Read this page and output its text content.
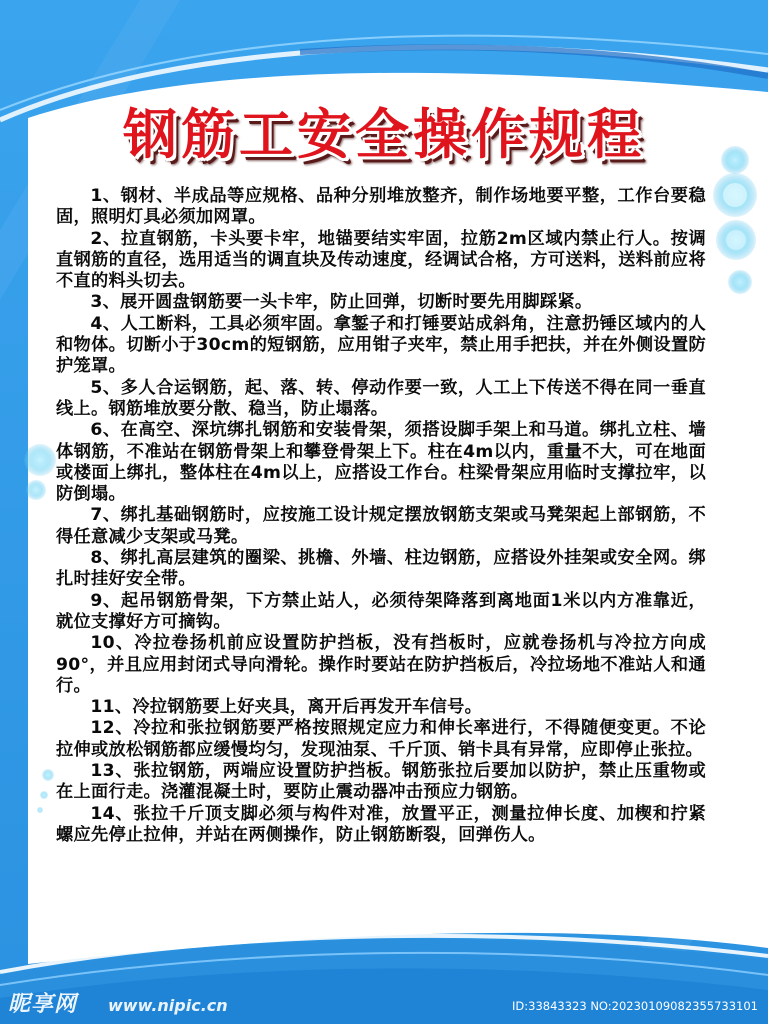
钢筋工安全操作规程

1、钢材、半成品等应规格、品种分别堆放整齐，制作场地要平整，工作台要稳固，照明灯具必须加网罩。

2、拉直钢筋，卡头要卡牢，地锚要结实牢固，拉筋2m区域内禁止行人。按调直钢筋的直径，选用适当的调直块及传动速度，经调试合格，方可送料，送料前应将不直的料头切去。

3、展开圆盘钢筋要一头卡牢，防止回弹，切断时要先用脚踩紧。

4、人工断料，工具必须牢固。拿錾子和打锤要站成斜角，注意扔锤区域内的人和物体。切断小于30cm的短钢筋，应用钳子夹牢，禁止用手把扶，并在外侧设置防护笼罩。

5、多人合运钢筋，起、落、转、停动作要一致，人工上下传送不得在同一垂直线上。钢筋堆放要分散、稳当，防止塌落。

6、在高空、深坑绑扎钢筋和安装骨架，须搭设脚手架上和马道。绑扎立柱、墙体钢筋，不准站在钢筋骨架上和攀登骨架上下。柱在4m以内，重量不大，可在地面或楼面上绑扎，整体柱在4m以上，应搭设工作台。柱梁骨架应用临时支撑拉牢，以防倒塌。

7、绑扎基础钢筋时，应按施工设计规定摆放钢筋支架或马凳架起上部钢筋，不得任意减少支架或马凳。

8、绑扎高层建筑的圈梁、挑檐、外墙、柱边钢筋，应搭设外挂架或安全网。绑扎时挂好安全带。

9、起吊钢筋骨架，下方禁止站人，必须待架降落到离地面1米以内方准靠近，就位支撑好方可摘钩。

10、冷拉卷扬机前应设置防护挡板，没有挡板时，应就卷扬机与冷拉方向成90°，并且应用封闭式导向滑轮。操作时要站在防护挡板后，冷拉场地不准站人和通行。

11、冷拉钢筋要上好夹具，离开后再发开车信号。

12、冷拉和张拉钢筋要严格按照规定应力和伸长率进行，不得随便变更。不论拉伸或放松钢筋都应缓慢均匀，发现油泵、千斤顶、销卡具有异常，应即停止张拉。

13、张拉钢筋，两端应设置防护挡板。钢筋张拉后要加以防护，禁止压重物或在上面行走。浇灌混凝土时，要防止震动器冲击预应力钢筋。

14、张拉千斤顶支脚必须与构件对准，放置平正，测量拉伸长度、加楔和拧紧螺应先停止拉伸，并站在两侧操作，防止钢筋断裂，回弹伤人。

昵享网 www.nipic.cn	ID:33843323 NO:20230109082355733101
